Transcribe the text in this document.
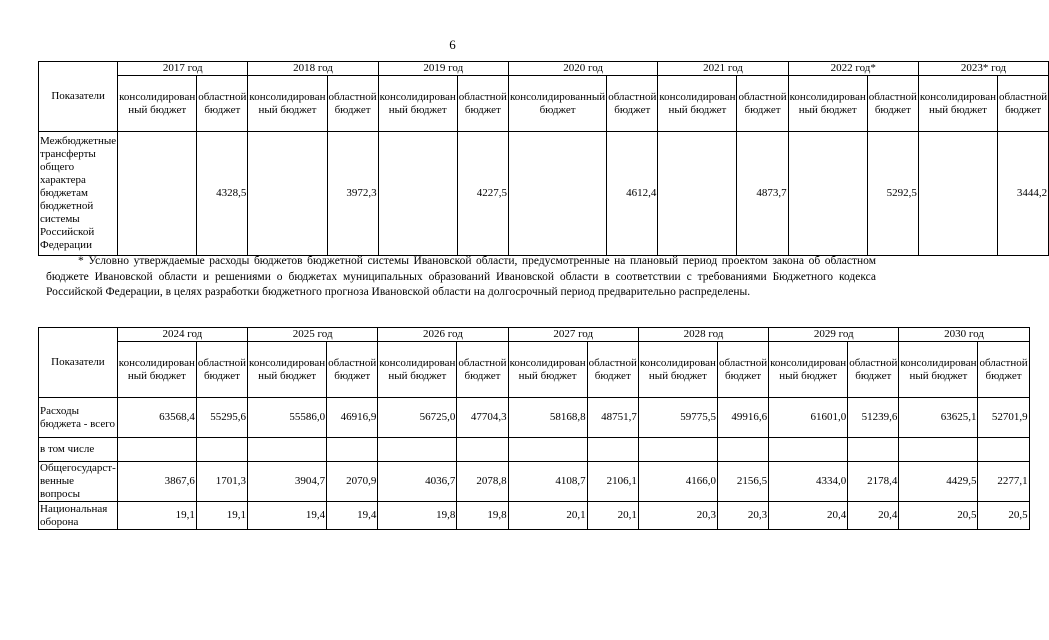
6
Показатели	2017 год		2018 год		2019 год		2020 год		2021 год		2022 год*		2023* год	
	консолидирован ный бюджет	областной бюджет	консолидирован ный бюджет	областной бюджет	консолидирован ный бюджет	областной бюджет	консолидированный бюджет	областной бюджет	консолидирован ный бюджет	областной бюджет	консолидирован ный бюджет	областной бюджет	консолидирован ный бюджет	областной бюджет
Межбюджетные трансферты общего характера бюджетам бюджетной системы Российской Федерации		4328,5		3972,3		4227,5		4612,4		4873,7		5292,5		3444,2
* Условно утверждаемые расходы бюджетов бюджетной системы Ивановской области, предусмотренные на плановый период проектом закона об областном бюджете Ивановской области и решениями о бюджетах муниципальных образований Ивановской области в соответствии с требованиями Бюджетного кодекса Российской Федерации, в целях разработки бюджетного прогноза Ивановской области на долгосрочный период предварительно распределены.
Показатели	2024 год		2025 год		2026 год		2027 год		2028 год		2029 год		2030 год	
	консолидирован ный бюджет	областной бюджет	консолидирован ный бюджет	областной бюджет	консолидирован ный бюджет	областной бюджет	консолидирован ный бюджет	областной бюджет	консолидирован ный бюджет	областной бюджет	консолидирован ный бюджет	областной бюджет	консолидирован ный бюджет	областной бюджет
Расходы бюджета - всего	63568,4	55295,6	55586,0	46916,9	56725,0	47704,3	58168,8	48751,7	59775,5	49916,6	61601,0	51239,6	63625,1	52701,9
в том числе														
Общегосударст-венные вопросы	3867,6	1701,3	3904,7	2070,9	4036,7	2078,8	4108,7	2106,1	4166,0	2156,5	4334,0	2178,4	4429,5	2277,1
Национальная оборона	19,1	19,1	19,4	19,4	19,8	19,8	20,1	20,1	20,3	20,3	20,4	20,4	20,5	20,5
